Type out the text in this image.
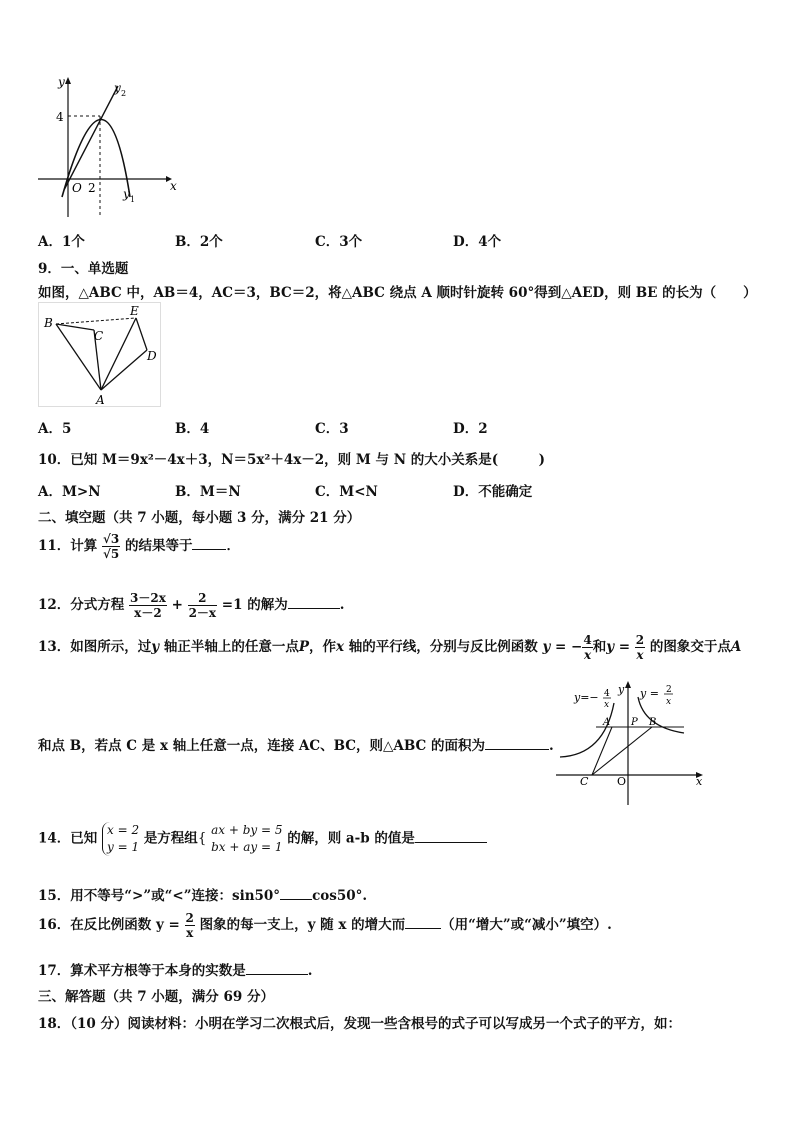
y
x
y 2
y 1
4
O 2
A．1个	B．2个	C．3个	D．4个
9．一、单选题
如图，△ABC 中，AB＝4，AC＝3，BC＝2，将△ABC 绕点 A 顺时针旋转 60°得到△AED，则 BE 的长为（　　）
B
C
E
D
A
A．5	B．4	C．3	D．2
10．已知 M＝9x²－4x＋3，N＝5x²＋4x－2，则 M 与 N 的大小关系是(　　　)
A．M>N	B．M＝N	C．M<N	D．不能确定
二、填空题（共 7 小题，每小题 3 分，满分 21 分）
11．计算 $\frac{√3}{√5}$ 的结果等于	．
12．分式方程 $\frac{3-2x}{x-2} + \frac{2}{2-x} =1$ 的解为	.
13．如图所示，过y 轴正半轴上的任意一点P，作x 轴的平行线，分别与反比例函数 y = − $\frac{4}{x}$ 和$y = \frac{2}{x}$ 的图象交于点A
y=− 4
x
y = 2
x
y
x
A P B
C	O
和点 B，若点 C 是 x 轴上任意一点，连接 AC、BC，则△ABC 的面积为	.
14．已知
x = 2
y = 1
是方程组{
ax + by = 5
bx + ay = 1
的解，则 a-b 的值是
15．用不等号“>”或“<”连接：sin50° cos50°.
16．在反比例函数 $y = \frac{2}{x}$ 图象的每一支上，y 随 x 的增大而	（用“增大”或“减小”填空）.
17．算术平方根等于本身的实数是	.
三、解答题（共 7 小题，满分 69 分）
18．（10 分）阅读材料：小明在学习二次根式后，发现一些含根号的式子可以写成另一个式子的平方，如：
